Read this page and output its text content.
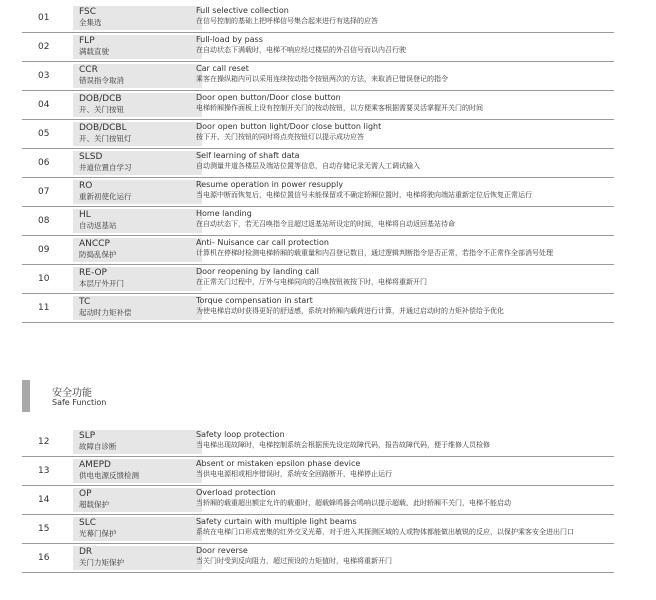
01
FSC
全集选
Full selective collection
在信号控制的基础上把呼梯信号集合起来进行有选择的应答
02
FLP
满载直驶
Full-load by pass
在自动状态下满载时，电梯不响应经过楼层的外召信号而以内召行驶
03
CCR
错误指令取消
Car call reset
乘客在操纵箱内可以采用连续按动指令按钮两次的方法，来取消已错误登记的指令
04
DOB/DCB
开、关门按钮
Door open button/Door close button
电梯轿厢操作面板上设有控制开关门的按动按钮，以方便乘客根据需要灵活掌握开关门的时间
05
DOB/DCBL
开、关门按钮灯
Door open button light/Door close button light
按下开、关门按钮的同时将点亮按钮灯以提示成功应答
06
SLSD
井道位置自学习
Self learning of shaft data
自动测量井道各楼层及端站位置等信息，自动存储记录无需人工调试输入
07
RO
重新初使化运行
Resume operation in power resupply
当电源中断而恢复后，电梯位置信号未能保留或不确定轿厢位置时，电梯将驶向端站重新定位后恢复正常运行
08
HL
自动返基站
Home landing
在自动状态下，若无召唤指令且超过返基站所设定的时间，电梯将自动返回基站待命
09
ANCCP
防捣乱保护
Anti- Nuisance car call protection
计算机在停梯时检测电梯轿厢的载重量和内召登记数目，通过逻辑判断指令是否正常，若指令不正常作全部消号处理
10
RE-OP
本层厅外开门
Door reopening by landing call
在正常关门过程中，厅外与电梯同向的召唤按钮被按下时，电梯将重新开门
11
TC
起动时力矩补偿
Torque compensation in start
为使电梯启动时获得更好的舒适感，系统对轿厢内载荷进行计算，并通过启动时的力矩补偿给予优化
安全功能
Safe Function
12
SLP
故障自诊断
Safety loop protection
当电梯出现故障时，电梯控制系统会根据预先设定故障代码，报告故障代码，便于维修人员检修
13
AMEPD
供电电源反馈检测
Absent or mistaken epsilon phase device
当供电电源相或相序错误时，系统安全回路断开，电梯停止运行
14
OP
超载保护
Overload protection
当轿厢的载重超出额定允许的载重时，超载蜂鸣器会鸣响以提示超载，此时轿厢不关门，电梯不能启动
15
SLC
光幕门保护
Safety curtain with multiple light beams
系统在电梯门口形成密集的红外交叉光幕，对于进入其探测区域的人或物体都能做出敏锐的反应，以保护乘客安全进出门口
16
DR
关门力矩保护
Door reverse
当关门时受到反向阻力，超过预设的力矩值时，电梯将重新开门
